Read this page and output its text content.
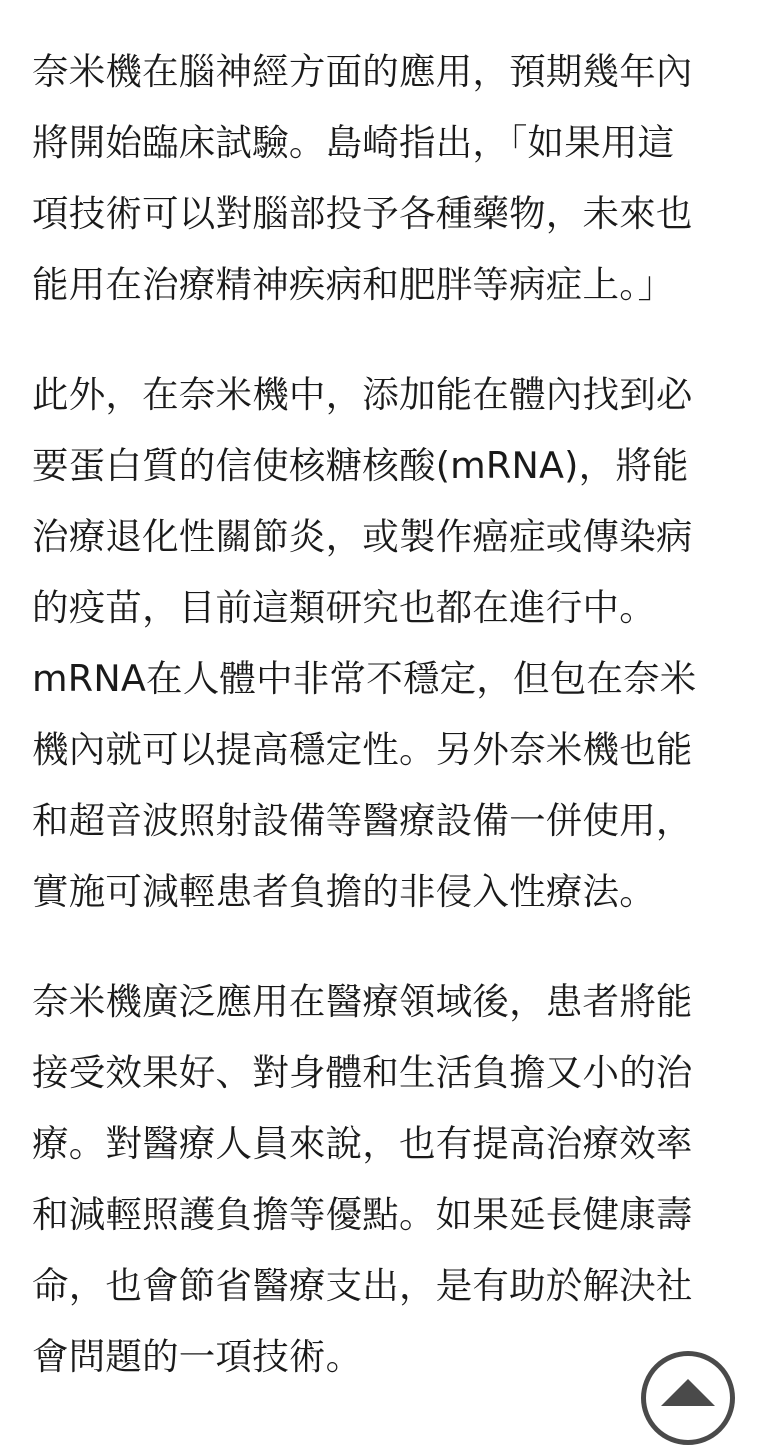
奈米機在腦神經方面的應用，預期幾年內
將開始臨床試驗。島崎指出，「如果用這
項技術可以對腦部投予各種藥物，未來也
能用在治療精神疾病和肥胖等病症上。」
此外，在奈米機中，添加能在體內找到必
要蛋白質的信使核糖核酸(mRNA)，將能
治療退化性關節炎，或製作癌症或傳染病
的疫苗，目前這類研究也都在進行中。
mRNA在人體中非常不穩定，但包在奈米
機內就可以提高穩定性。另外奈米機也能
和超音波照射設備等醫療設備一併使用，
實施可減輕患者負擔的非侵入性療法。
奈米機廣泛應用在醫療領域後，患者將能
接受效果好、對身體和生活負擔又小的治
療。對醫療人員來說，也有提高治療效率
和減輕照護負擔等優點。如果延長健康壽
命，也會節省醫療支出，是有助於解決社
會問題的一項技術。
